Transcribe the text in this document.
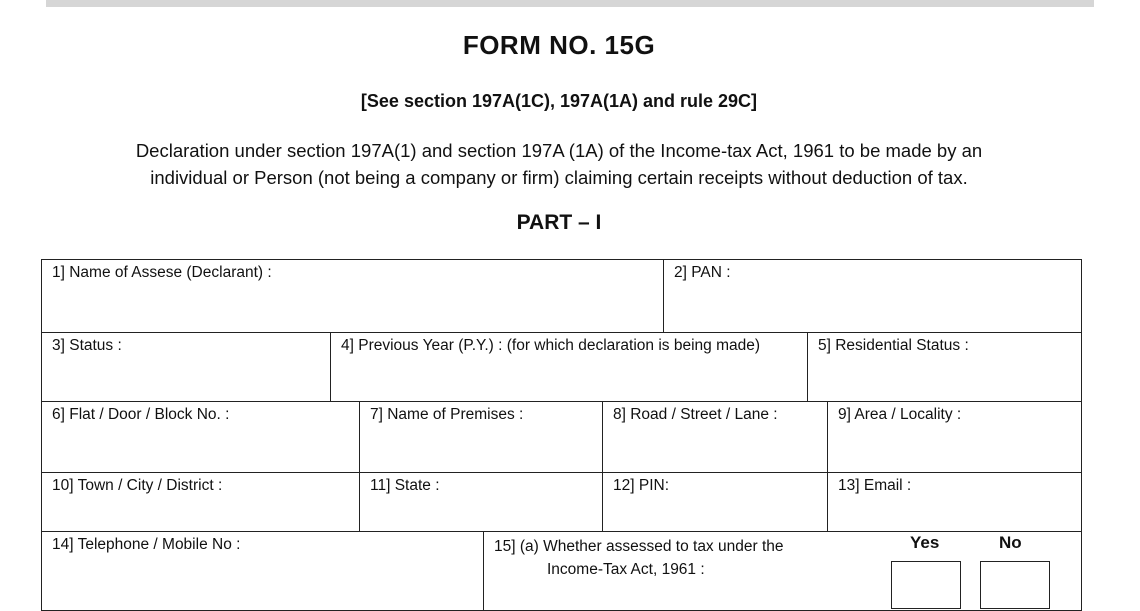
FORM NO. 15G
[See section 197A(1C), 197A(1A) and rule 29C]
Declaration under section 197A(1) and section 197A (1A) of the Income-tax Act, 1961 to be made by an
individual or Person (not being a company or firm) claiming certain receipts without deduction of tax.
PART – I
1] Name of Assese (Declarant) :	2] PAN :
3] Status :	4] Previous Year (P.Y.) : (for which declaration is being made)	5] Residential Status :
6] Flat / Door / Block No. :	7] Name of Premises :	8] Road / Street / Lane :	9] Area / Locality :
10] Town / City / District :	11] State :	12] PIN:	13] Email :
14] Telephone / Mobile No :	15] (a) Whether assessed to tax under the
Income-Tax Act, 1961 :
Yes	No
